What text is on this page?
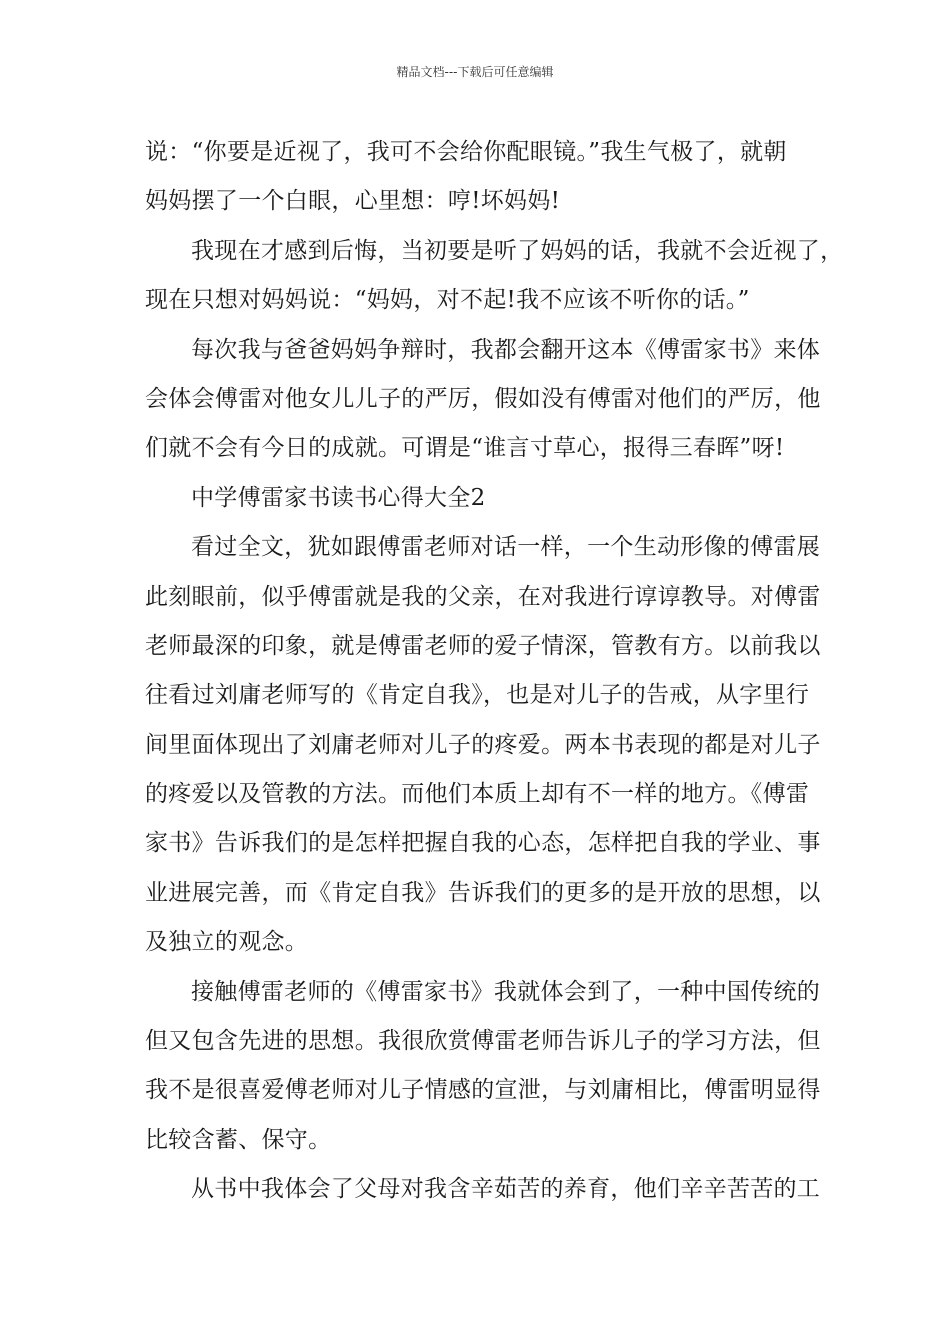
精品文档---下载后可任意编辑
说：“你要是近视了，我可不会给你配眼镜。”我生气极了，就朝
妈妈摆了一个白眼，心里想：哼!坏妈妈!
我现在才感到后悔，当初要是听了妈妈的话，我就不会近视了，
现在只想对妈妈说：“妈妈，对不起!我不应该不听你的话。”
每次我与爸爸妈妈争辩时，我都会翻开这本《傅雷家书》来体
会体会傅雷对他女儿儿子的严厉，假如没有傅雷对他们的严厉，他
们就不会有今日的成就。可谓是“谁言寸草心，报得三春晖”呀!
中学傅雷家书读书心得大全2
看过全文，犹如跟傅雷老师对话一样，一个生动形像的傅雷展
此刻眼前，似乎傅雷就是我的父亲，在对我进行谆谆教导。对傅雷
老师最深的印象，就是傅雷老师的爱子情深，管教有方。以前我以
往看过刘庸老师写的《肯定自我》，也是对儿子的告戒，从字里行
间里面体现出了刘庸老师对儿子的疼爱。两本书表现的都是对儿子
的疼爱以及管教的方法。而他们本质上却有不一样的地方。《傅雷
家书》告诉我们的是怎样把握自我的心态，怎样把自我的学业、事
业进展完善，而《肯定自我》告诉我们的更多的是开放的思想，以
及独立的观念。
接触傅雷老师的《傅雷家书》我就体会到了，一种中国传统的
但又包含先进的思想。我很欣赏傅雷老师告诉儿子的学习方法，但
我不是很喜爱傅老师对儿子情感的宣泄，与刘庸相比，傅雷明显得
比较含蓄、保守。
从书中我体会了父母对我含辛茹苦的养育，他们辛辛苦苦的工
